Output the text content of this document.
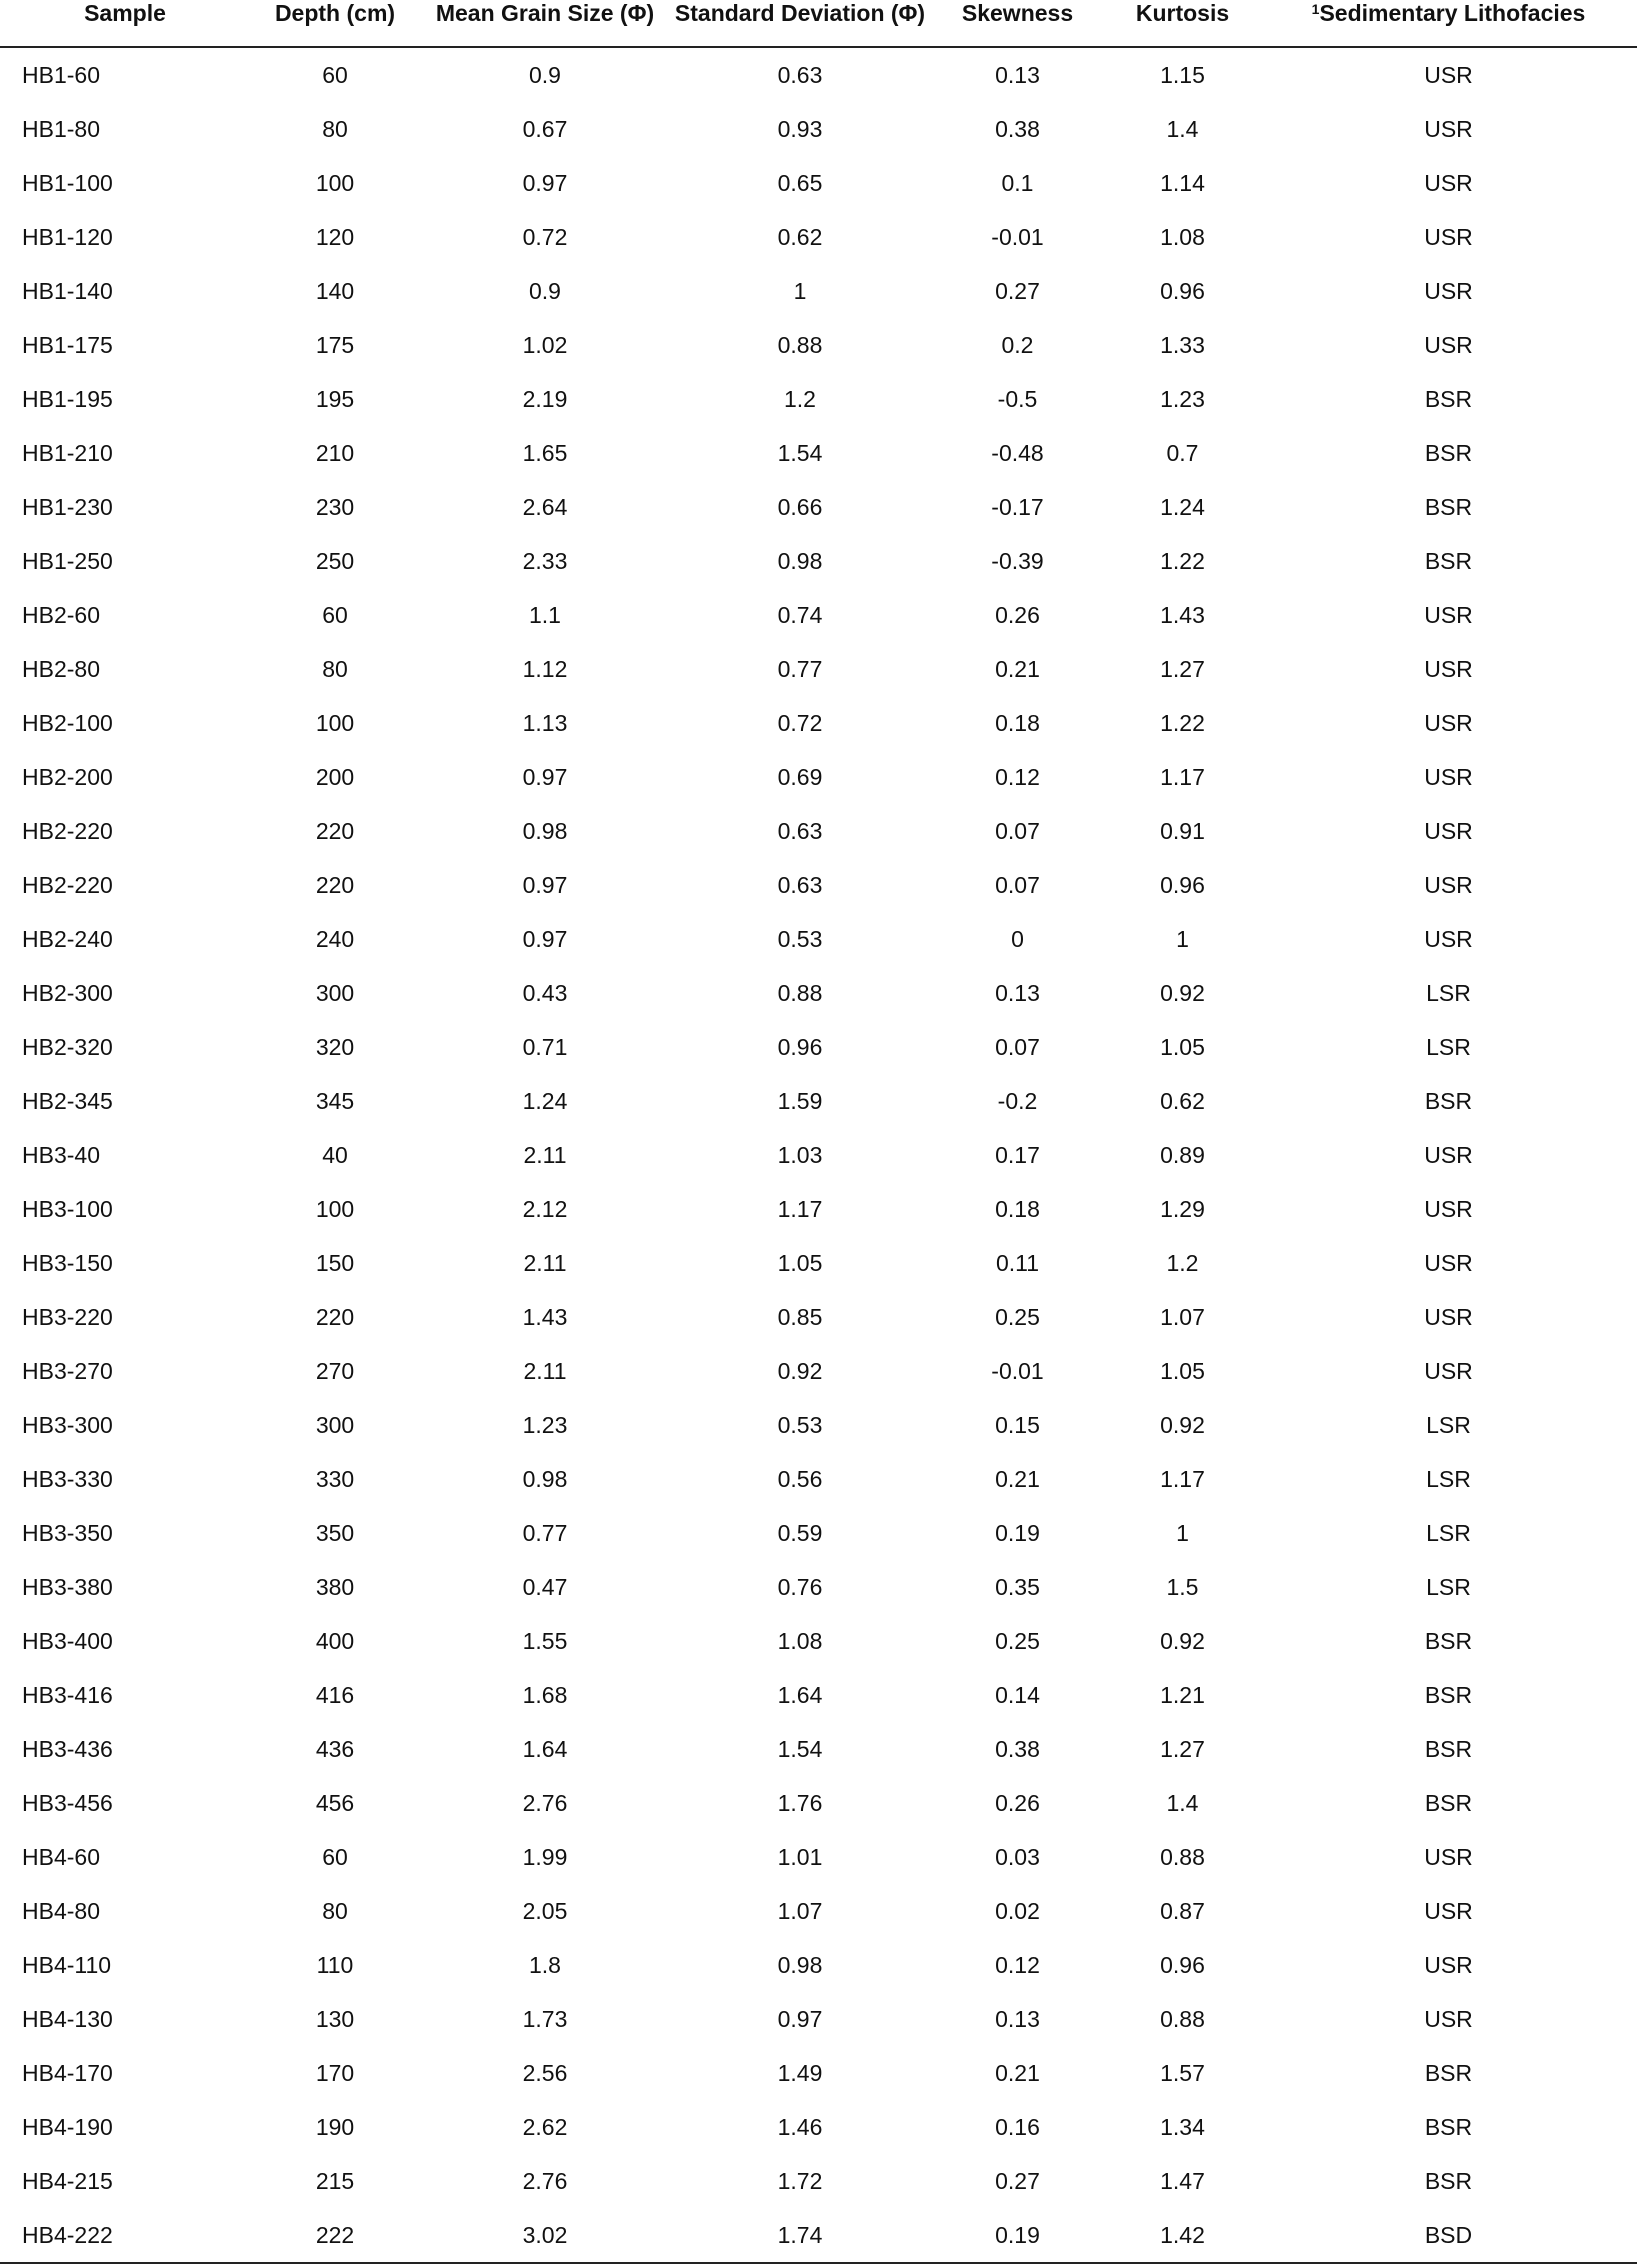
Sample	Depth (cm)	Mean Grain Size (Φ)	Standard Deviation (Φ)	Skewness	Kurtosis	$^1$Sedimentary Lithofacies
HB1-60	60	0.9	0.63	0.13	1.15	USR
HB1-80	80	0.67	0.93	0.38	1.4	USR
HB1-100	100	0.97	0.65	0.1	1.14	USR
HB1-120	120	0.72	0.62	-0.01	1.08	USR
HB1-140	140	0.9	1	0.27	0.96	USR
HB1-175	175	1.02	0.88	0.2	1.33	USR
HB1-195	195	2.19	1.2	-0.5	1.23	BSR
HB1-210	210	1.65	1.54	-0.48	0.7	BSR
HB1-230	230	2.64	0.66	-0.17	1.24	BSR
HB1-250	250	2.33	0.98	-0.39	1.22	BSR
HB2-60	60	1.1	0.74	0.26	1.43	USR
HB2-80	80	1.12	0.77	0.21	1.27	USR
HB2-100	100	1.13	0.72	0.18	1.22	USR
HB2-200	200	0.97	0.69	0.12	1.17	USR
HB2-220	220	0.98	0.63	0.07	0.91	USR
HB2-220	220	0.97	0.63	0.07	0.96	USR
HB2-240	240	0.97	0.53	0	1	USR
HB2-300	300	0.43	0.88	0.13	0.92	LSR
HB2-320	320	0.71	0.96	0.07	1.05	LSR
HB2-345	345	1.24	1.59	-0.2	0.62	BSR
HB3-40	40	2.11	1.03	0.17	0.89	USR
HB3-100	100	2.12	1.17	0.18	1.29	USR
HB3-150	150	2.11	1.05	0.11	1.2	USR
HB3-220	220	1.43	0.85	0.25	1.07	USR
HB3-270	270	2.11	0.92	-0.01	1.05	USR
HB3-300	300	1.23	0.53	0.15	0.92	LSR
HB3-330	330	0.98	0.56	0.21	1.17	LSR
HB3-350	350	0.77	0.59	0.19	1	LSR
HB3-380	380	0.47	0.76	0.35	1.5	LSR
HB3-400	400	1.55	1.08	0.25	0.92	BSR
HB3-416	416	1.68	1.64	0.14	1.21	BSR
HB3-436	436	1.64	1.54	0.38	1.27	BSR
HB3-456	456	2.76	1.76	0.26	1.4	BSR
HB4-60	60	1.99	1.01	0.03	0.88	USR
HB4-80	80	2.05	1.07	0.02	0.87	USR
HB4-110	110	1.8	0.98	0.12	0.96	USR
HB4-130	130	1.73	0.97	0.13	0.88	USR
HB4-170	170	2.56	1.49	0.21	1.57	BSR
HB4-190	190	2.62	1.46	0.16	1.34	BSR
HB4-215	215	2.76	1.72	0.27	1.47	BSR
HB4-222	222	3.02	1.74	0.19	1.42	BSD
